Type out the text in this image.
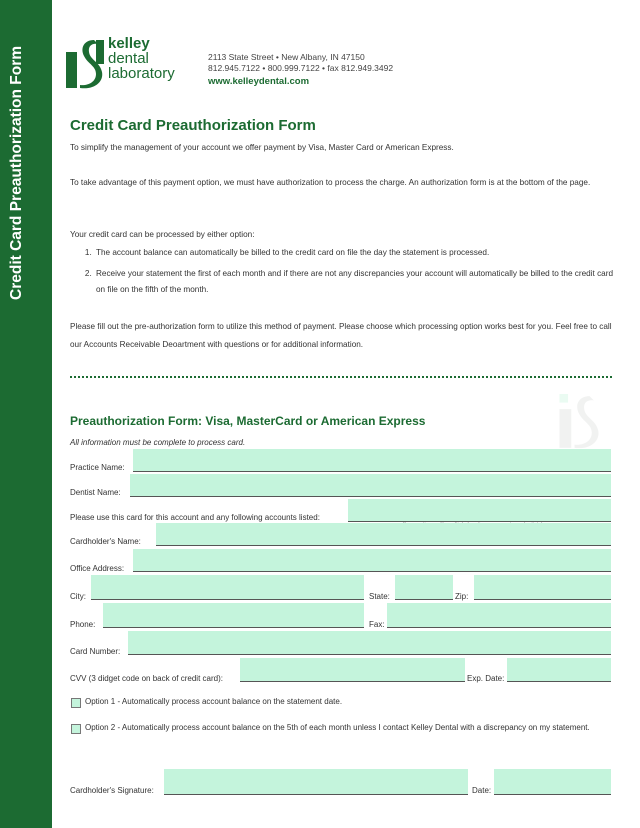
Credit Card Preauthorization Form
kelley
dental
laboratory
2113 State Street • New Albany, IN 47150
812.945.7122 • 800.999.7122 • fax 812.949.3492
www.kelleydental.com
Credit Card Preauthorization Form
To simplify the management of your account we offer payment by Visa, Master Card or American Express.
To take advantage of this payment option, we must have authorization to process the charge. An authorization form is at the bottom of the page.
Your credit card can be processed by either option:
1. The account balance can automatically be billed to the credit card on file the day the statement is processed.
2. Receive your statement the first of each month and if there are not any discrepancies your account will automatically be billed to the credit card on file on the fifth of the month.
Please fill out the pre-authorization form to utilize this method of payment. Please choose which processing option works best for you. Feel free to call our Accounts Receivable Deoartment with questions or for additional information.
Preauthorization Form: Visa, MasterCard or American Express
All information must be complete to process card.
Practice Name:
Dentist Name:
Please use this card for this account and any following accounts listed:
Cardholder's Name:
Office Address:
City:	State:	Zip:
Phone:	Fax:
Card Number:
CVV (3 didget code on back of credit card):	Exp. Date:
Option 1 - Automatically process account balance on the statement date.
Option 2 - Automatically process account balance on the 5th of each month unless I contact Kelley Dental with a discrepancy on my statement.
Cardholder's Signature:	Date:
